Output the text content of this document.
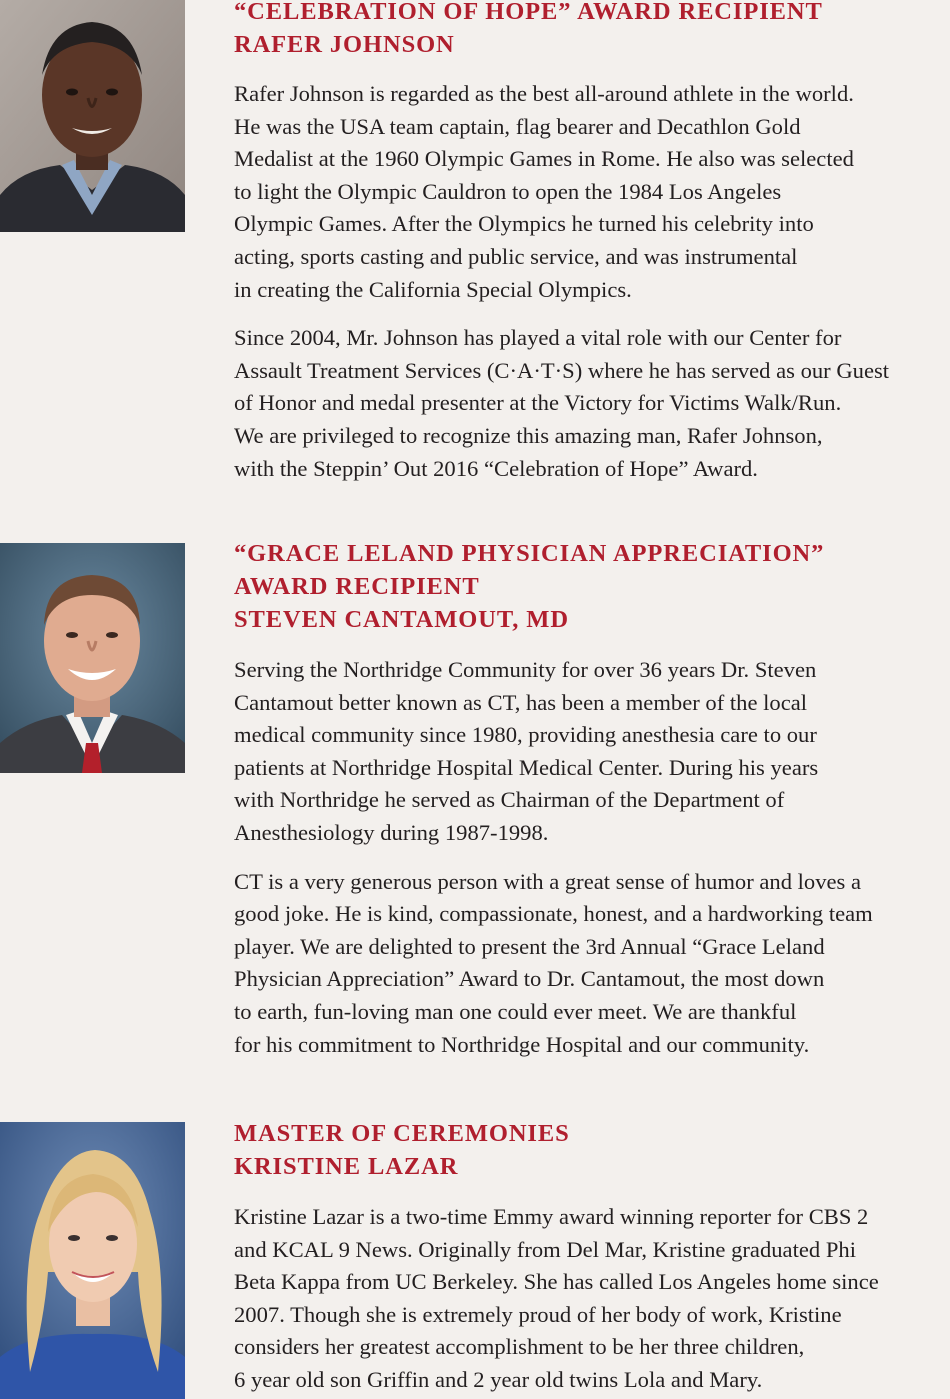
“CELEBRATION OF HOPE” AWARD RECIPIENT
RAFER JOHNSON

Rafer Johnson is regarded as the best all-around athlete in the world.
He was the USA team captain, flag bearer and Decathlon Gold
Medalist at the 1960 Olympic Games in Rome. He also was selected
to light the Olympic Cauldron to open the 1984 Los Angeles
Olympic Games. After the Olympics he turned his celebrity into
acting, sports casting and public service, and was instrumental
in creating the California Special Olympics.

Since 2004, Mr. Johnson has played a vital role with our Center for
Assault Treatment Services (C·A·T·S) where he has served as our Guest
of Honor and medal presenter at the Victory for Victims Walk/Run.
We are privileged to recognize this amazing man, Rafer Johnson,
with the Steppin’ Out 2016 “Celebration of Hope” Award.

“GRACE LELAND PHYSICIAN APPRECIATION”
AWARD RECIPIENT
STEVEN CANTAMOUT, MD

Serving the Northridge Community for over 36 years Dr. Steven
Cantamout better known as CT, has been a member of the local
medical community since 1980, providing anesthesia care to our
patients at Northridge Hospital Medical Center. During his years
with Northridge he served as Chairman of the Department of
Anesthesiology during 1987-1998.

CT is a very generous person with a great sense of humor and loves a
good joke. He is kind, compassionate, honest, and a hardworking team
player. We are delighted to present the 3rd Annual “Grace Leland
Physician Appreciation” Award to Dr. Cantamout, the most down
to earth, fun-loving man one could ever meet. We are thankful
for his commitment to Northridge Hospital and our community.

MASTER OF CEREMONIES
KRISTINE LAZAR

Kristine Lazar is a two-time Emmy award winning reporter for CBS 2
and KCAL 9 News. Originally from Del Mar, Kristine graduated Phi
Beta Kappa from UC Berkeley. She has called Los Angeles home since
2007. Though she is extremely proud of her body of work, Kristine
considers her greatest accomplishment to be her three children,
6 year old son Griffin and 2 year old twins Lola and Mary.
